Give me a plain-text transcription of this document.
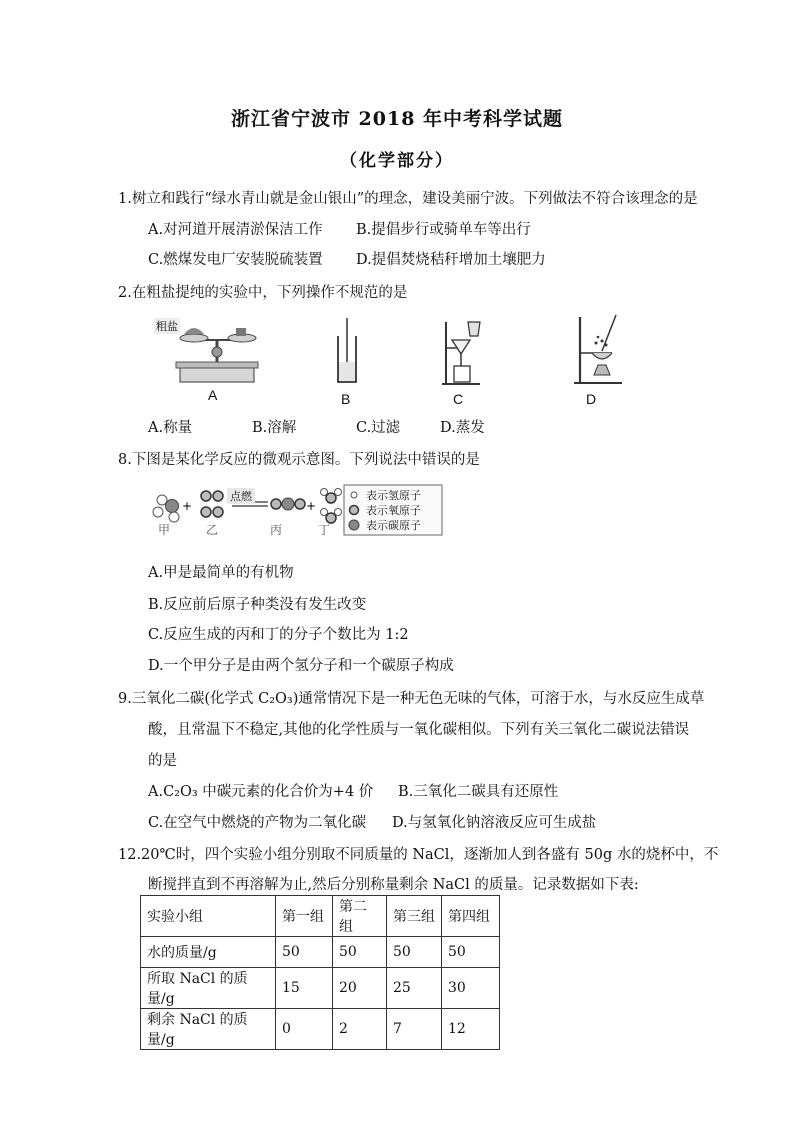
浙江省宁波市 2018 年中考科学试题
（化学部分）
1.树立和践行“绿水青山就是金山银山”的理念，建设美丽宁波。下列做法不符合该理念的是
A.对河道开展清淤保洁工作 B.提倡步行或骑单车等出行
C.燃煤发电厂安装脱硫装置 D.提倡焚烧秸秆增加土壤肥力
2.在粗盐提纯的实验中，下列操作不规范的是
粗盐
A	B	C	D
A.称量	B.溶解	C.过滤	D.蒸发
8.下图是某化学反应的微观示意图。下列说法中错误的是
+	+
点燃	表示氢原子
表示氧原子
表示碳原子
甲	乙	丙	丁
A.甲是最简单的有机物
B.反应前后原子种类没有发生改变
C.反应生成的丙和丁的分子个数比为 1:2
D.一个甲分子是由两个氢分子和一个碳原子构成
9.三氧化二碳(化学式 C₂O₃)通常情况下是一种无色无味的气体，可溶于水，与水反应生成草
酸，且常温下不稳定,其他的化学性质与一氧化碳相似。下列有关三氧化二碳说法错误
的是
A.C₂O₃ 中碳元素的化合价为+4 价 B.三氧化二碳具有还原性
C.在空气中燃烧的产物为二氧化碳 D.与氢氧化钠溶液反应可生成盐
12.20℃时，四个实验小组分别取不同质量的 NaCl，逐渐加人到各盛有 50g 水的烧杯中，不
断搅拌直到不再溶解为止,然后分别称量剩余 NaCl 的质量。记录数据如下表:
实验小组	第一组	第二组	第三组	第四组
水的质量/g	50	50	50	50
所取 NaCl 的质量/g	15	20	25	30
剩余 NaCl 的质量/g	0	2	7	12
